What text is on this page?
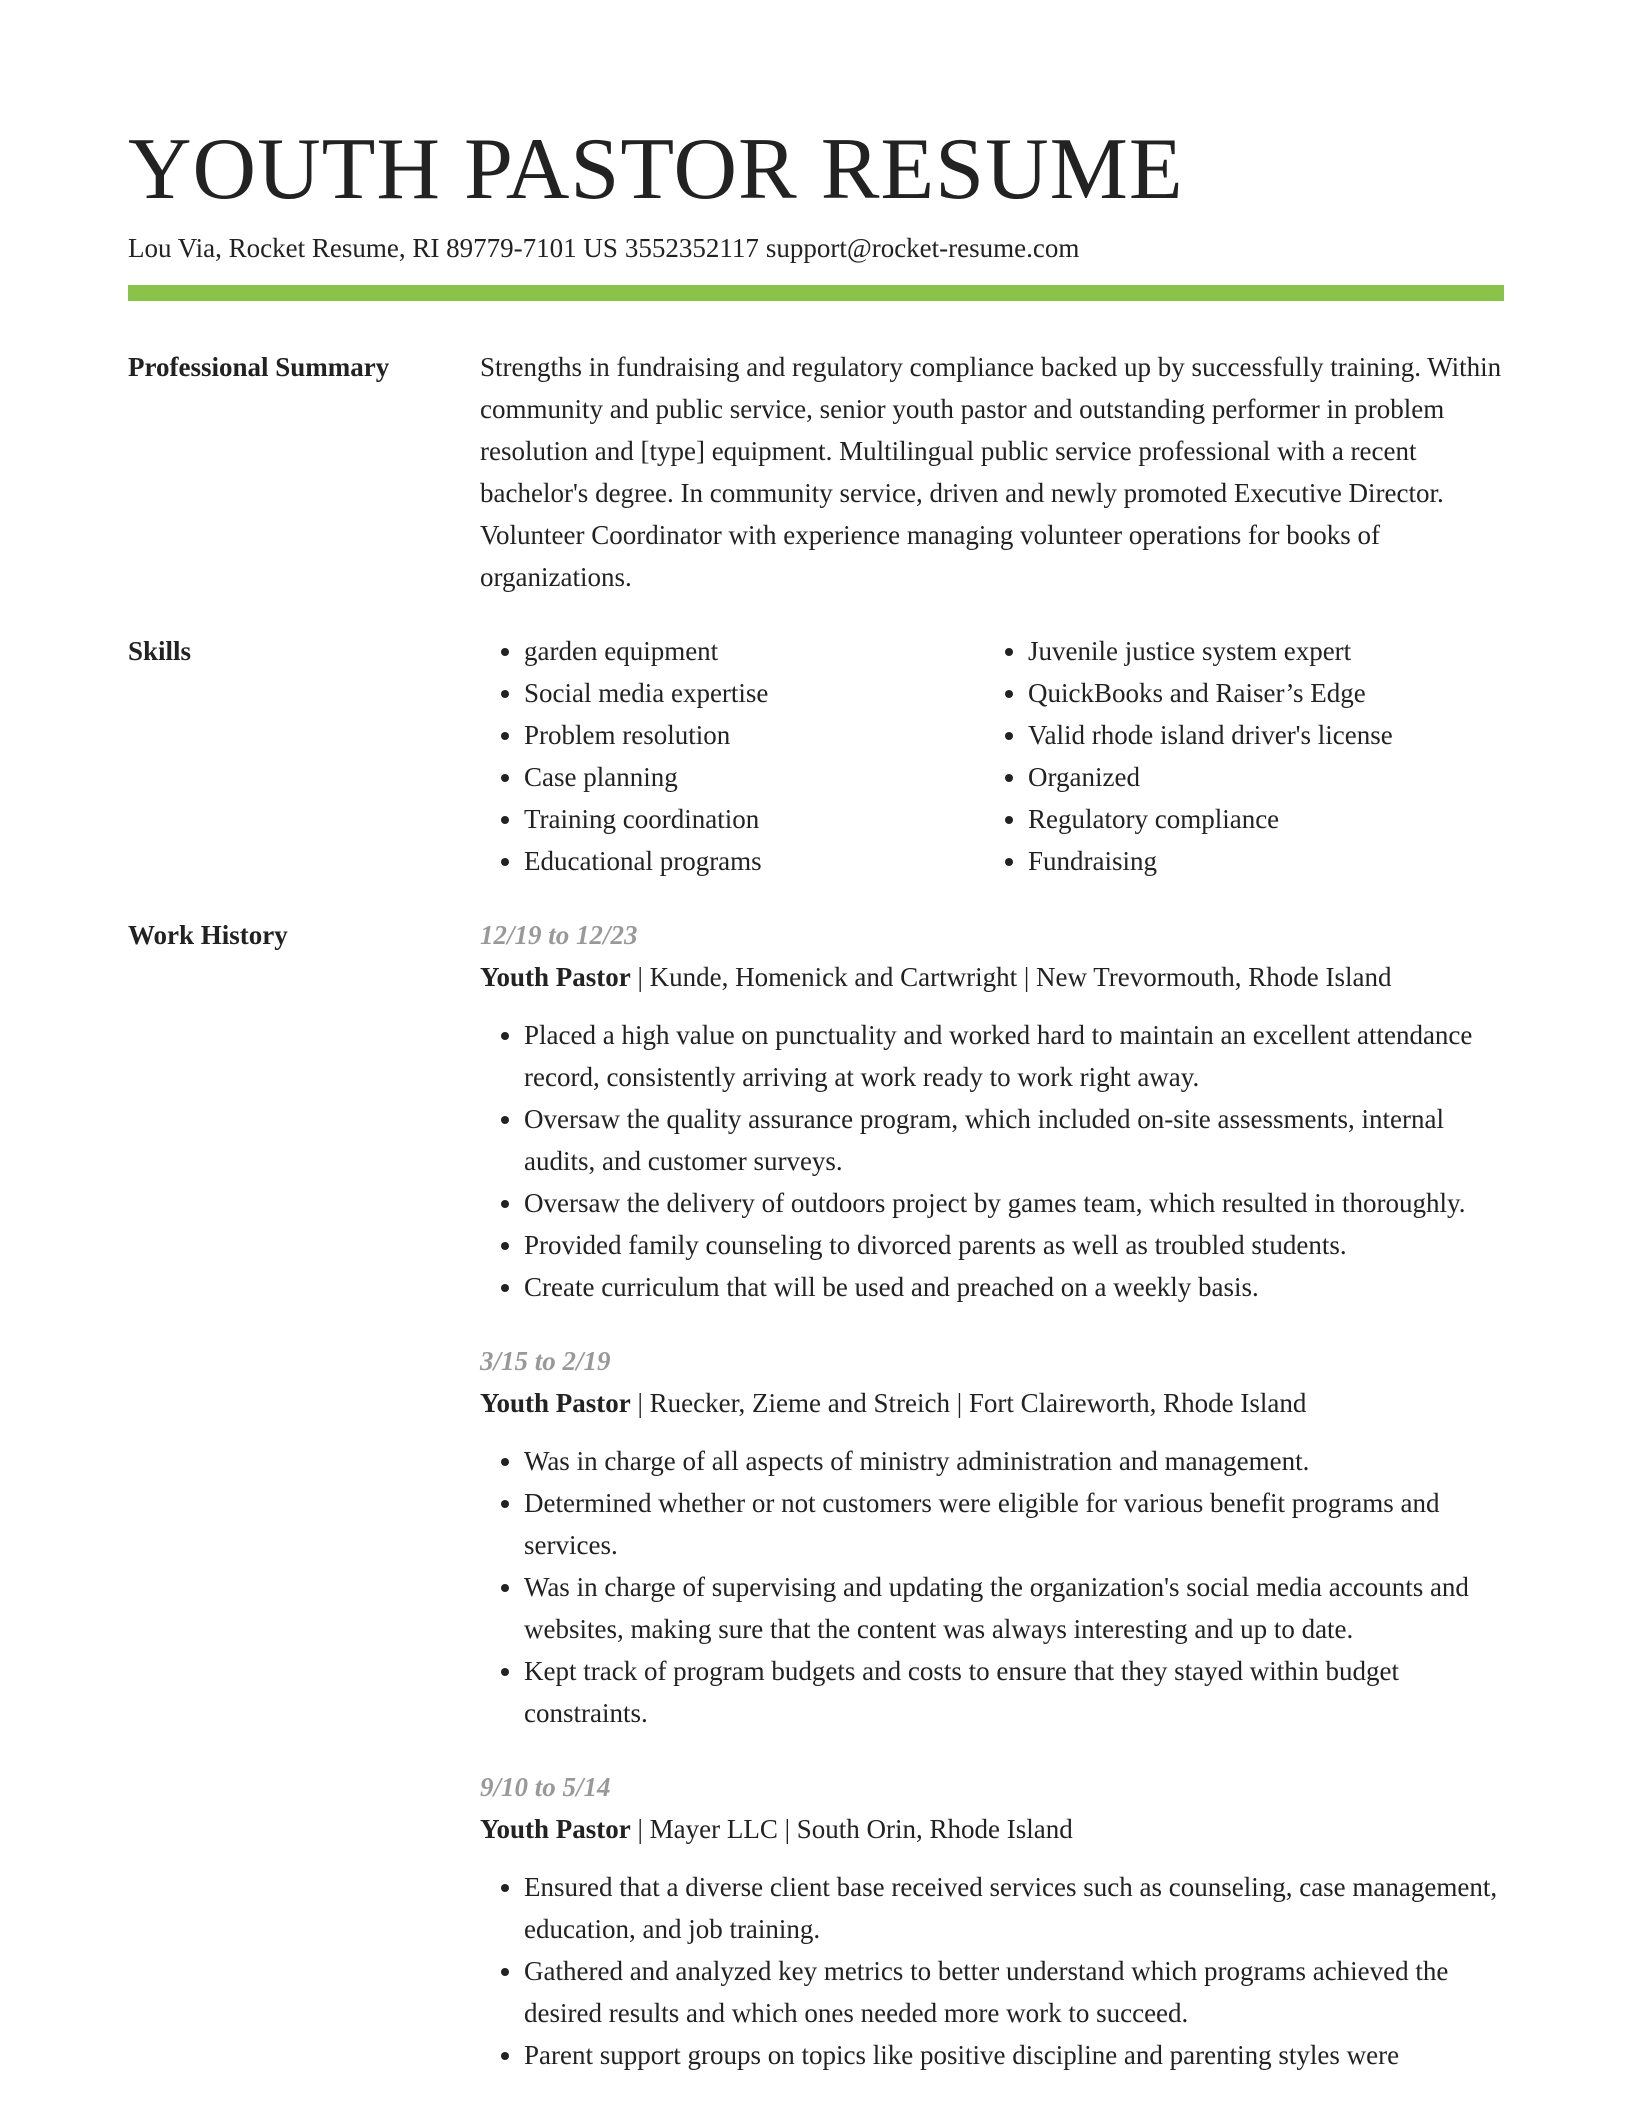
YOUTH PASTOR RESUME
Lou Via, Rocket Resume, RI 89779-7101 US 3552352117 support@rocket-resume.com
Professional Summary	Strengths in fundraising and regulatory compliance backed up by successfully training. Within community and public service, senior youth pastor and outstanding performer in problem resolution and [type] equipment. Multilingual public service professional with a recent bachelor's degree. In community service, driven and newly promoted Executive Director. Volunteer Coordinator with experience managing volunteer operations for books of organizations.

Skills
•	garden equipment
• Social media expertise
• Problem resolution
• Case planning
• Training coordination
• Educational programs
• Juvenile justice system expert
• QuickBooks and Raiser’s Edge
• Valid rhode island driver's license
• Organized
• Regulatory compliance
• Fundraising
Work History	12/19 to 12/23
Youth Pastor | Kunde, Homenick and Cartwright | New Trevormouth, Rhode Island
• Placed a high value on punctuality and worked hard to maintain an excellent attendance record, consistently arriving at work ready to work right away.
• Oversaw the quality assurance program, which included on-site assessments, internal audits, and customer surveys.
• Oversaw the delivery of outdoors project by games team, which resulted in thoroughly.
• Provided family counseling to divorced parents as well as troubled students.
• Create curriculum that will be used and preached on a weekly basis.
3/15 to 2/19
Youth Pastor | Ruecker, Zieme and Streich | Fort Claireworth, Rhode Island
• Was in charge of all aspects of ministry administration and management.
• Determined whether or not customers were eligible for various benefit programs and services.
• Was in charge of supervising and updating the organization's social media accounts and websites, making sure that the content was always interesting and up to date.
• Kept track of program budgets and costs to ensure that they stayed within budget constraints.
9/10 to 5/14
Youth Pastor | Mayer LLC | South Orin, Rhode Island
• Ensured that a diverse client base received services such as counseling, case management, education, and job training.
• Gathered and analyzed key metrics to better understand which programs achieved the desired results and which ones needed more work to succeed.
• Parent support groups on topics like positive discipline and parenting styles were
